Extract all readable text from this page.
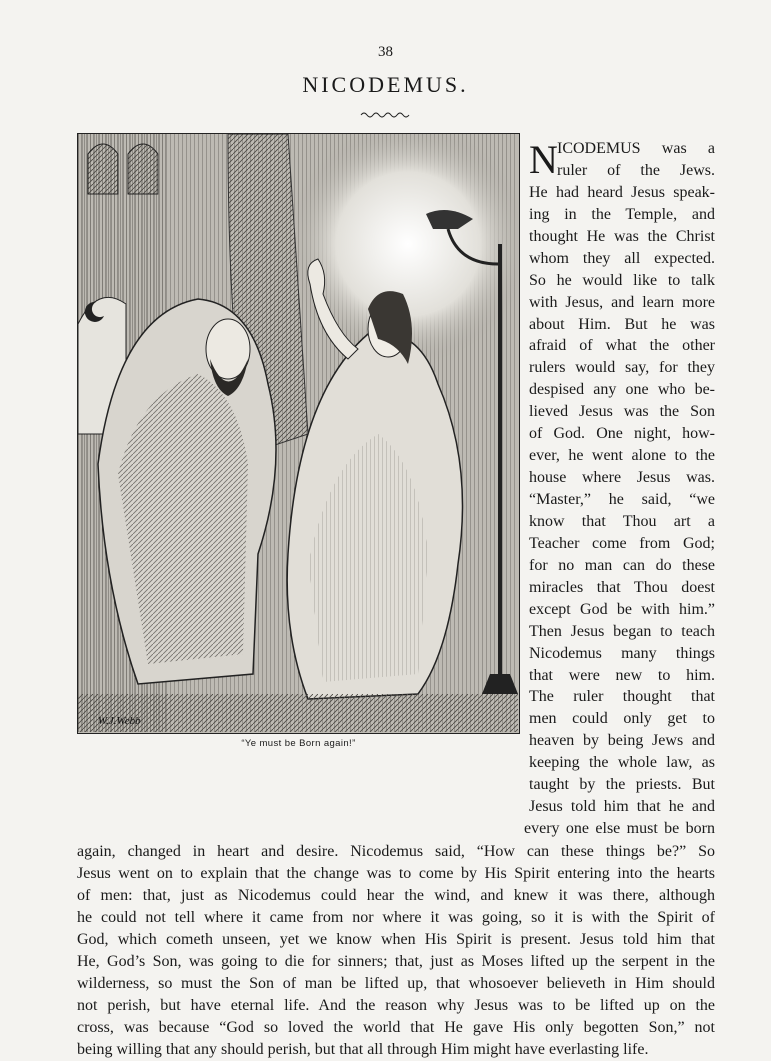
38
NICODEMUS.
W.J.Webb
“Ye must be Born again!”
N ICODEMUS was a
ruler of the Jews.
He had heard Jesus speak-
ing in the Temple, and
thought He was the Christ
whom they all expected.
So he would like to talk
with Jesus, and learn more
about Him. But he was
afraid of what the other
rulers would say, for they
despised any one who be-
lieved Jesus was the Son
of God. One night, how-
ever, he went alone to the
house where Jesus was.
“Master,” he said, “we
know that Thou art a
Teacher come from God;
for no man can do these
miracles that Thou doest
except God be with him.”
Then Jesus began to teach
Nicodemus many things
that were new to him.
The ruler thought that
men could only get to
heaven by being Jews and
keeping the whole law, as
taught by the priests. But
Jesus told him that he and
every one else must be born
again, changed in heart and desire. Nicodemus said, “How can these things be?” So
Jesus went on to explain that the change was to come by His Spirit entering into the hearts
of men: that, just as Nicodemus could hear the wind, and knew it was there, although
he could not tell where it came from nor where it was going, so it is with the Spirit of
God, which cometh unseen, yet we know when His Spirit is present. Jesus told him that
He, God’s Son, was going to die for sinners; that, just as Moses lifted up the serpent in the
wilderness, so must the Son of man be lifted up, that whosoever believeth in Him should
not perish, but have eternal life. And the reason why Jesus was to be lifted up on the
cross, was because “God so loved the world that He gave His only begotten Son,” not
being willing that any should perish, but that all through Him might have everlasting life.
